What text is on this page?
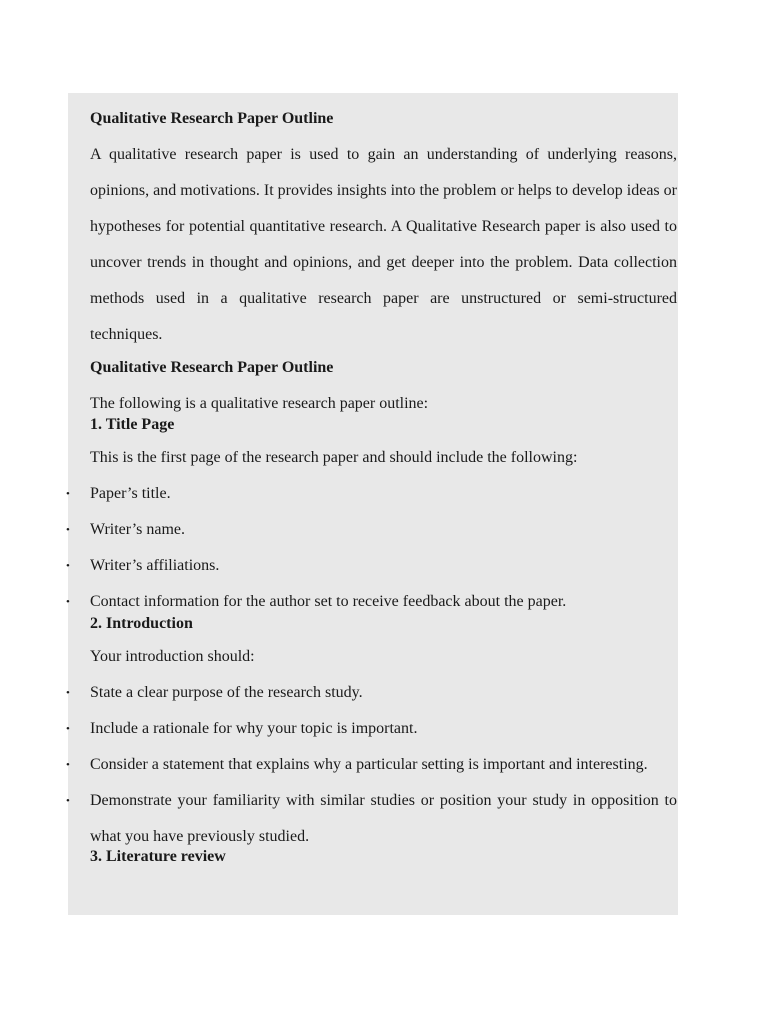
Qualitative Research Paper Outline

A qualitative research paper is used to gain an understanding of underlying reasons, opinions, and motivations. It provides insights into the problem or helps to develop ideas or hypotheses for potential quantitative research. A Qualitative Research paper is also used to uncover trends in thought and opinions, and get deeper into the problem. Data collection methods used in a qualitative research paper are unstructured or semi-structured techniques.

Qualitative Research Paper Outline

The following is a qualitative research paper outline:

1. Title Page

This is the first page of the research paper and should include the following:

• Paper’s title.
• Writer’s name.
• Writer’s affiliations.
• Contact information for the author set to receive feedback about the paper.

2. Introduction

Your introduction should:

• State a clear purpose of the research study.
• Include a rationale for why your topic is important.
• Consider a statement that explains why a particular setting is important and interesting.
• Demonstrate your familiarity with similar studies or position your study in opposition to what you have previously studied.

3. Literature review
